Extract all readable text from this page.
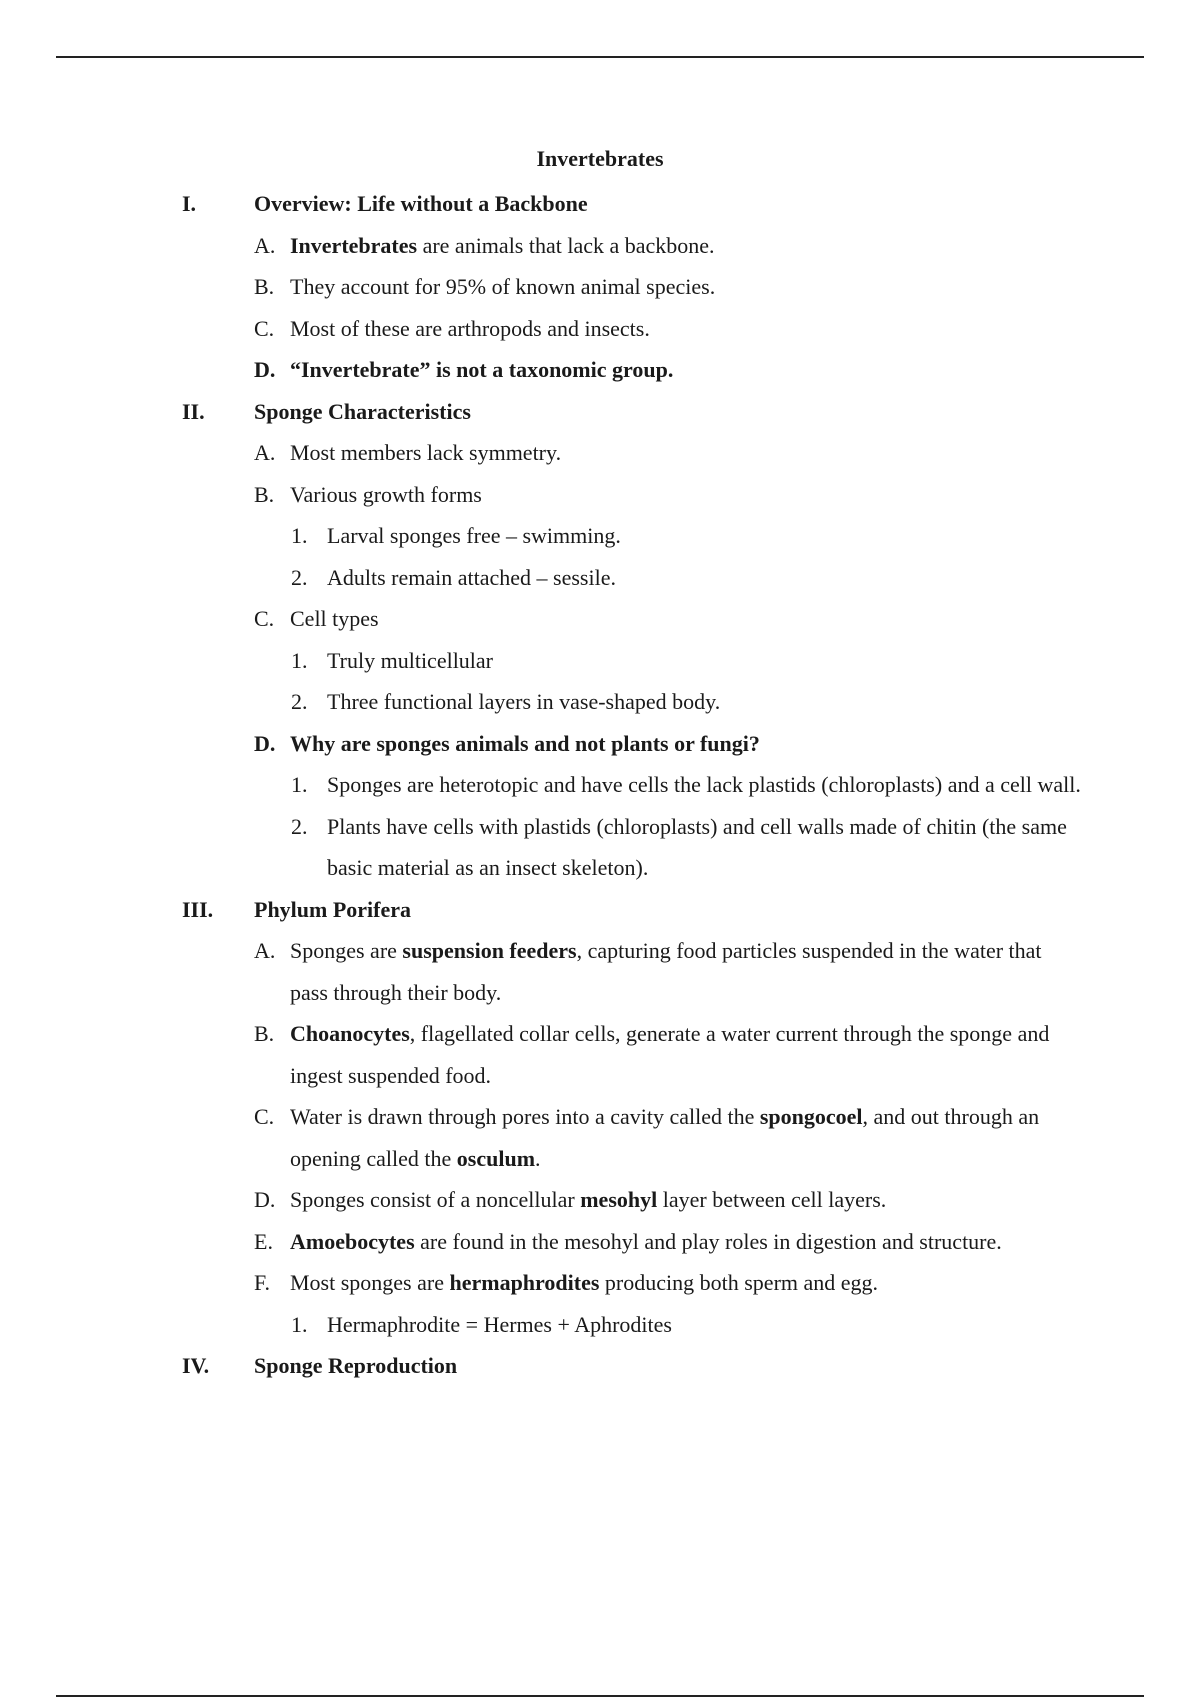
Invertebrates
I.	Overview: Life without a Backbone
A. Invertebrates are animals that lack a backbone.
B. They account for 95% of known animal species.
C. Most of these are arthropods and insects.
D. “Invertebrate” is not a taxonomic group.
II. Sponge Characteristics
A. Most members lack symmetry.
B. Various growth forms
1. Larval sponges free – swimming.
2. Adults remain attached – sessile.
C. Cell types
1. Truly multicellular
2. Three functional layers in vase-shaped body.
D. Why are sponges animals and not plants or fungi?
1. Sponges are heterotopic and have cells the lack plastids (chloroplasts) and a cell wall.
2. Plants have cells with plastids (chloroplasts) and cell walls made of chitin (the same basic material as an insect skeleton).
III. Phylum Porifera
A. Sponges are suspension feeders, capturing food particles suspended in the water that pass through their body.
B. Choanocytes, flagellated collar cells, generate a water current through the sponge and ingest suspended food.
C. Water is drawn through pores into a cavity called the spongocoel, and out through an opening called the osculum.
D. Sponges consist of a noncellular mesohyl layer between cell layers.
E. Amoebocytes are found in the mesohyl and play roles in digestion and structure.
F. Most sponges are hermaphrodites producing both sperm and egg.
1. Hermaphrodite = Hermes + Aphrodites
IV. Sponge Reproduction
